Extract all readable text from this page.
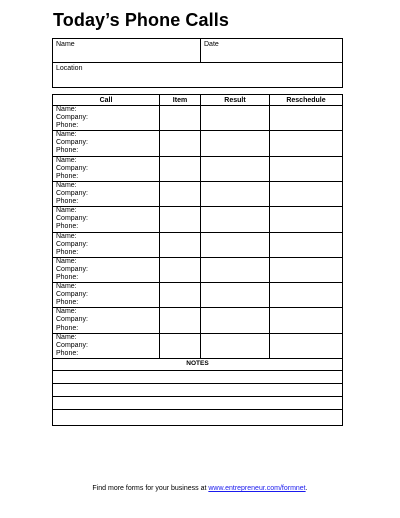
Today’s Phone Calls
Name	Date
Location
Call	Item	Result	Reschedule
Name:
Company:
Phone:
Name:
Company:
Phone:
Name:
Company:
Phone:
Name:
Company:
Phone:
Name:
Company:
Phone:
Name:
Company:
Phone:
Name:
Company:
Phone:
Name:
Company:
Phone:
Name:
Company:
Phone:
Name:
Company:
Phone:
NOTES
Find more forms for your business at www.entrepreneur.com/formnet.
